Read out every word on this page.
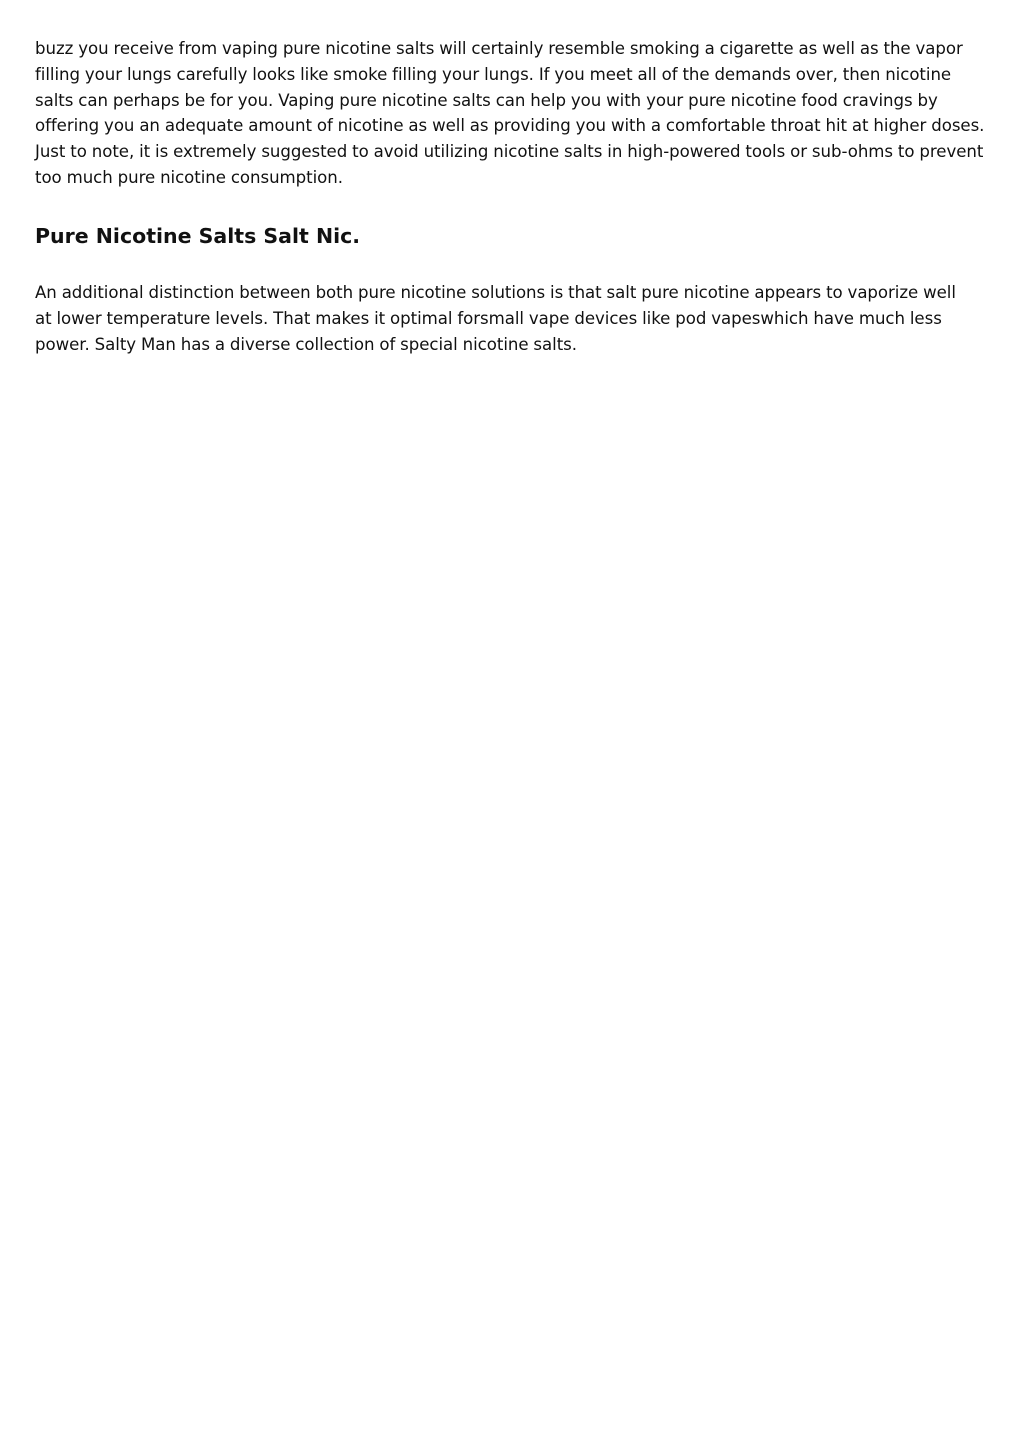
buzz you receive from vaping pure nicotine salts will certainly resemble smoking a cigarette as well as the vapor filling your lungs carefully looks like smoke filling your lungs. If you meet all of the demands over, then nicotine salts can perhaps be for you. Vaping pure nicotine salts can help you with your pure nicotine food cravings by offering you an adequate amount of nicotine as well as providing you with a comfortable throat hit at higher doses. Just to note, it is extremely suggested to avoid utilizing nicotine salts in high-powered tools or sub-ohms to prevent too much pure nicotine consumption.

Pure Nicotine Salts Salt Nic.

An additional distinction between both pure nicotine solutions is that salt pure nicotine appears to vaporize well at lower temperature levels. That makes it optimal forsmall vape devices like pod vapeswhich have much less power. Salty Man has a diverse collection of special nicotine salts.
